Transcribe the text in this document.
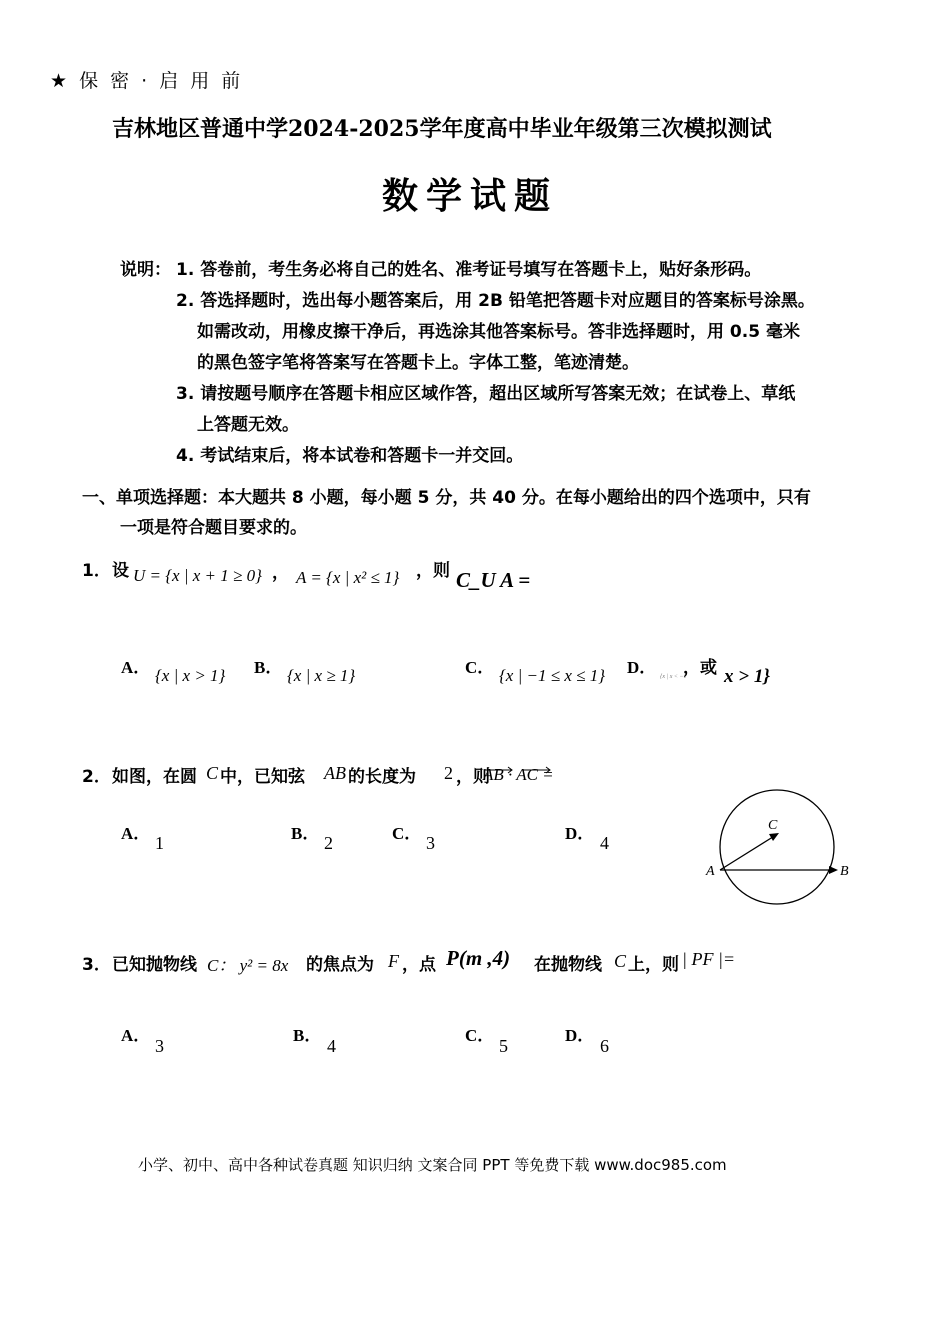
★ 保 密 · 启 用 前
吉林地区普通中学2024-2025学年度高中毕业年级第三次模拟测试
数学试题
说明： 1. 答卷前，考生务必将自己的姓名、准考证号填写在答题卡上，贴好条形码。
2. 答选择题时，选出每小题答案后，用 2B 铅笔把答题卡对应题目的答案标号涂黑。
如需改动，用橡皮擦干净后，再选涂其他答案标号。答非选择题时，用 0.5 毫米
的黑色签字笔将答案写在答题卡上。字体工整，笔迹清楚。
3. 请按题号顺序在答题卡相应区域作答，超出区域所写答案无效；在试卷上、草纸
上答题无效。
4. 考试结束后，将本试卷和答题卡一并交回。
一、单项选择题：本大题共 8 小题，每小题 5 分，共 40 分。在每小题给出的四个选项中，只有
一项是符合题目要求的。
1． 设 U = {x | x + 1 ≥ 0} ， A = {x | x² ≤ 1} ，则 C_U A =
A． {x | x > 1} B． {x | x ≥ 1}	C． {x | −1 ≤ x ≤ 1} D． {x | x < −1
，或 x > 1}
2． 如图，在圆 C 中，已知弦 AB 的长度为 2 ，则
AB · AC =
A． 1	B． 2	C． 3	D． 4
A	B
C
3． 已知抛物线 C： y² = 8x 的焦点为 F ，点 P(m ,4) 在抛物线 C 上，则 | PF |=
A．
3
B．
4
C．
5
D．
6
小学、初中、高中各种试卷真题 知识归纳 文案合同 PPT 等免费下载 www.doc985.com
